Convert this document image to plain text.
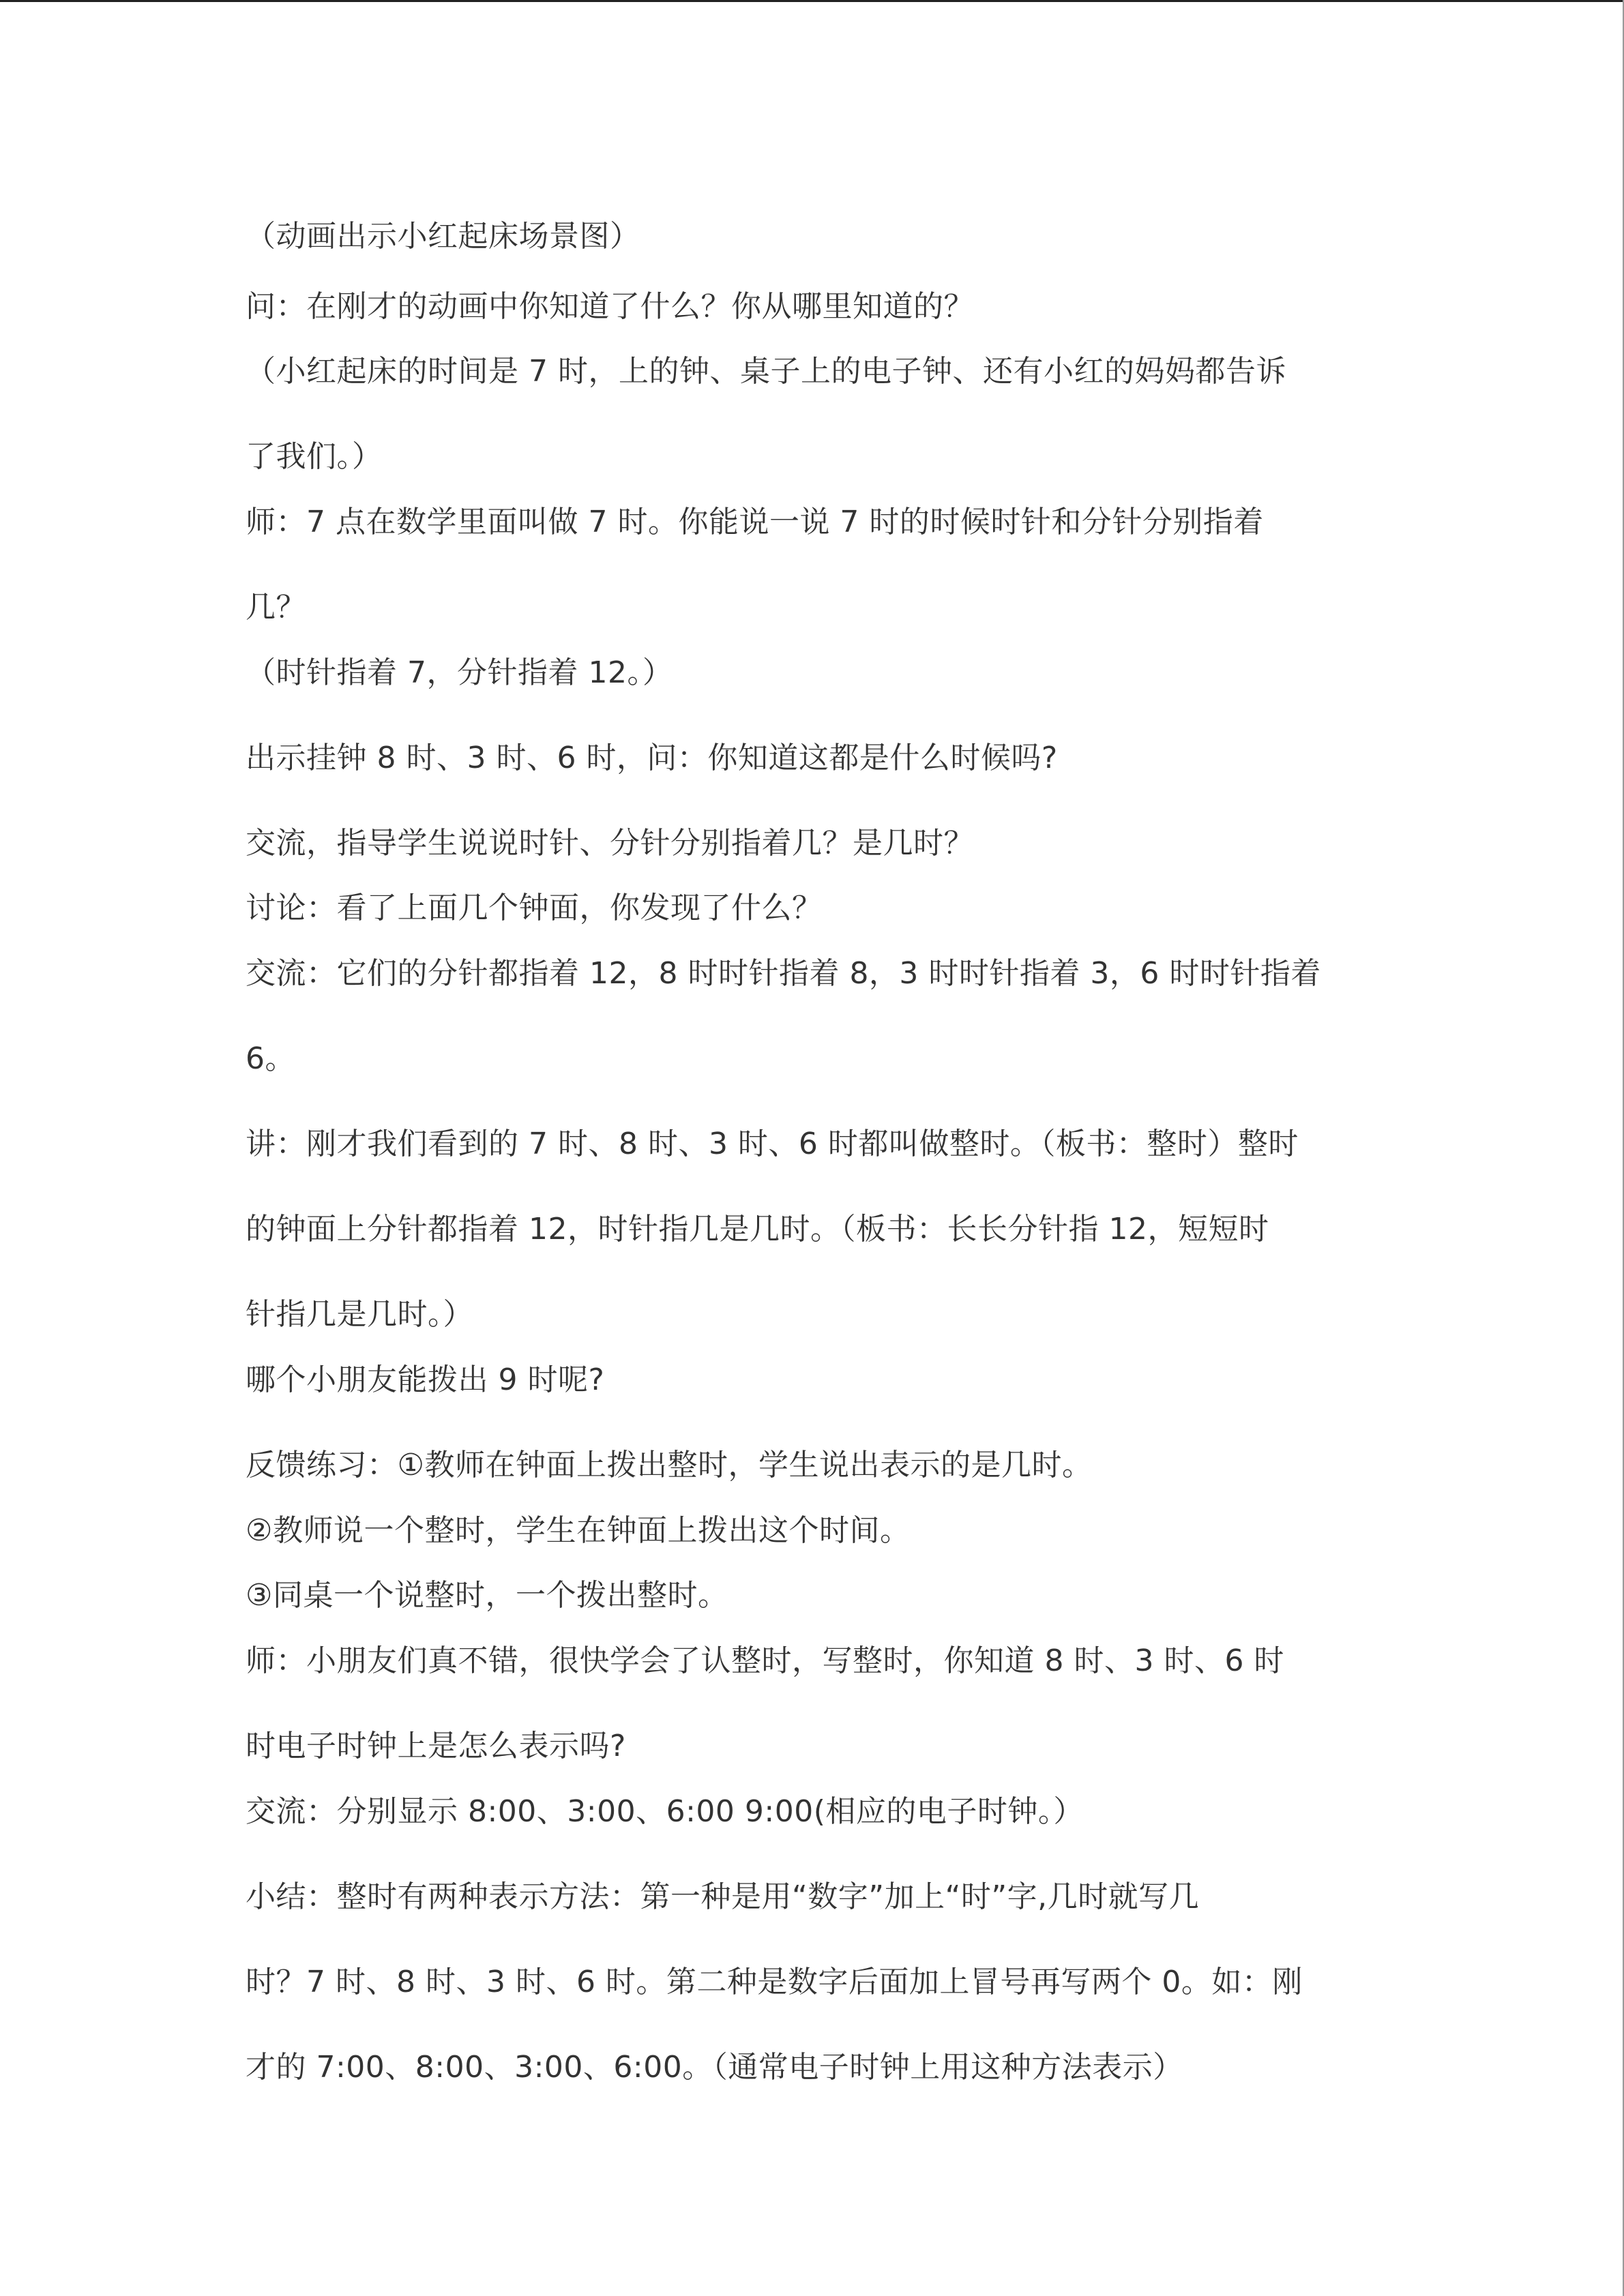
（动画出示小红起床场景图）
问：在刚才的动画中你知道了什么？你从哪里知道的？
（小红起床的时间是 7 时，上的钟、桌子上的电子钟、还有小红的妈妈都告诉
了我们。）
师：7 点在数学里面叫做 7 时。你能说一说 7 时的时候时针和分针分别指着
几？
（时针指着 7，分针指着 12。）
出示挂钟 8 时、3 时、6 时，问：你知道这都是什么时候吗?
交流，指导学生说说时针、分针分别指着几？是几时？
讨论：看了上面几个钟面，你发现了什么？
交流：它们的分针都指着 12，8 时时针指着 8，3 时时针指着 3，6 时时针指着
6。
讲：刚才我们看到的 7 时、8 时、3 时、6 时都叫做整时。（板书：整时）整时
的钟面上分针都指着 12，时针指几是几时。（板书：长长分针指 12，短短时
针指几是几时。）
哪个小朋友能拨出 9 时呢?
反馈练习：①教师在钟面上拨出整时，学生说出表示的是几时。
②教师说一个整时，学生在钟面上拨出这个时间。
③同桌一个说整时，一个拨出整时。
师：小朋友们真不错，很快学会了认整时，写整时，你知道 8 时、3 时、6 时
时电子时钟上是怎么表示吗?
交流：分别显示 8:00、3:00、6:00 9:00(相应的电子时钟。）
小结：整时有两种表示方法：第一种是用“数字”加上“时”字,几时就写几
时？7 时、8 时、3 时、6 时。第二种是数字后面加上冒号再写两个 0。如：刚
才的 7:00、8:00、3:00、6:00。（通常电子时钟上用这种方法表示）
